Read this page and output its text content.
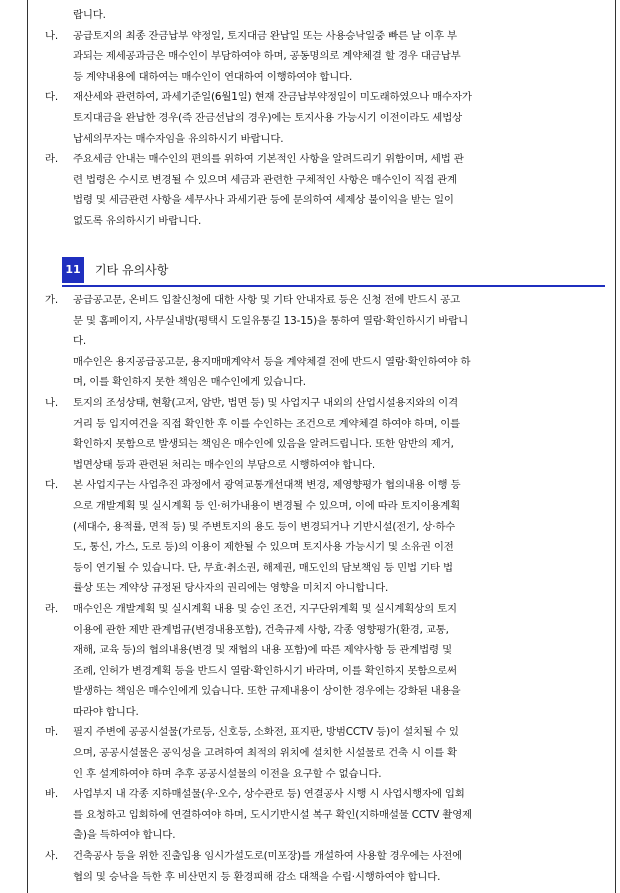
랍니다.

나. 공급토지의 최종 잔금납부 약정일, 토지대금 완납일 또는 사용승낙일중 빠른 날 이후 부

과되는 제세공과금은 매수인이 부담하여야 하며, 공동명의로 계약체결 할 경우 대금납부

등 계약내용에 대하여는 매수인이 연대하여 이행하여야 합니다.

다. 재산세와 관련하여, 과세기준일(6월1일) 현재 잔금납부약정일이 미도래하였으나 매수자가

토지대금을 완납한 경우(즉 잔금선납의 경우)에는 토지사용 가능시기 이전이라도 세법상

납세의무자는 매수자임을 유의하시기 바랍니다.

라. 주요세금 안내는 매수인의 편의를 위하여 기본적인 사항을 알려드리기 위함이며, 세법 관

련 법령은 수시로 변경될 수 있으며 세금과 관련한 구체적인 사항은 매수인이 직접 관계

법령 및 세금관련 사항을 세무사나 과세기관 등에 문의하여 세제상 불이익을 받는 일이

없도록 유의하시기 바랍니다.

11 기타 유의사항
가. 공급공고문, 온비드 입찰신청에 대한 사항 및 기타 안내자료 등은 신청 전에 반드시 공고

문 및 홈페이지, 사무실내방(평택시 도일유통길 13-15)을 통하여 열람·확인하시기 바랍니

다.

매수인은 용지공급공고문, 용지매매계약서 등을 계약체결 전에 반드시 열람·확인하여야 하

며, 이를 확인하지 못한 책임은 매수인에게 있습니다.

나. 토지의 조성상태, 현황(고저, 암반, 법면 등) 및 사업지구 내외의 산업시설용지와의 이격

거리 등 입지여건을 직접 확인한 후 이를 수인하는 조건으로 계약체결 하여야 하며, 이를

확인하지 못함으로 발생되는 책임은 매수인에 있음을 알려드립니다. 또한 암반의 제거,

법면상태 등과 관련된 처리는 매수인의 부담으로 시행하여야 합니다.

다. 본 사업지구는 사업추진 과정에서 광역교통개선대책 변경, 제영향평가 협의내용 이행 등

으로 개발계획 및 실시계획 등 인·허가내용이 변경될 수 있으며, 이에 따라 토지이용계획

(세대수, 용적률, 면적 등) 및 주변토지의 용도 등이 변경되거나 기반시설(전기, 상·하수

도, 통신, 가스, 도로 등)의 이용이 제한될 수 있으며 토지사용 가능시기 및 소유권 이전

등이 연기될 수 있습니다. 단, 무효·취소권, 해제권, 매도인의 담보책임 등 민법 기타 법

률상 또는 계약상 규정된 당사자의 권리에는 영향을 미치지 아니합니다.

라. 매수인은 개발계획 및 실시계획 내용 및 승인 조건, 지구단위계획 및 실시계획상의 토지

이용에 관한 제반 관계법규(변경내용포함), 건축규제 사항, 각종 영향평가(환경, 교통,

재해, 교육 등)의 협의내용(변경 및 재협의 내용 포함)에 따른 제약사항 등 관계법령 및

조례, 인허가 변경계획 등을 반드시 열람·확인하시기 바라며, 이를 확인하지 못함으로써

발생하는 책임은 매수인에게 있습니다. 또한 규제내용이 상이한 경우에는 강화된 내용을

따라야 합니다.

마. 필지 주변에 공공시설물(가로등, 신호등, 소화전, 표지판, 방범CCTV 등)이 설치될 수 있

으며, 공공시설물은 공익성을 고려하여 최적의 위치에 설치한 시설물로 건축 시 이를 확

인 후 설계하여야 하며 추후 공공시설물의 이전을 요구할 수 없습니다.

바. 사업부지 내 각종 지하매설물(우·오수, 상수관로 등) 연결공사 시행 시 사업시행자에 입회

를 요청하고 입회하에 연결하여야 하며, 도시기반시설 복구 확인(지하매설물 CCTV 촬영제

출)을 득하여야 합니다.

사. 건축공사 등을 위한 진출입용 임시가설도로(미포장)를 개설하여 사용할 경우에는 사전에

협의 및 승낙을 득한 후 비산먼지 등 환경피해 감소 대책을 수립·시행하여야 합니다.
